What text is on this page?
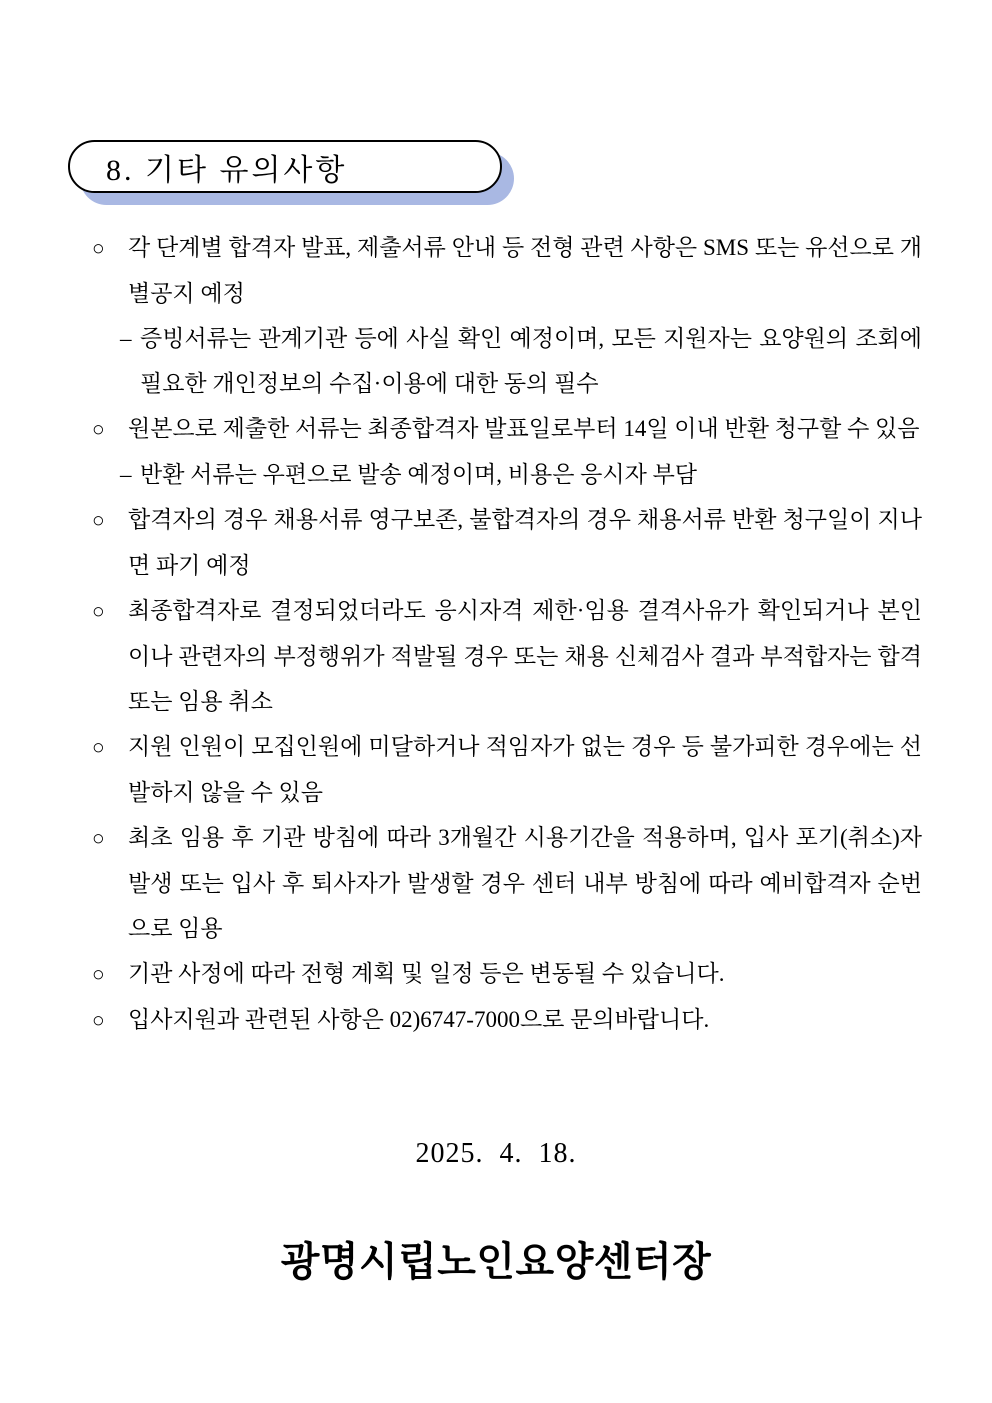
8. 기타 유의사항
○ 각 단계별 합격자 발표, 제출서류 안내 등 전형 관련 사항은 SMS 또는 유선으로 개별공지 예정
– 증빙서류는 관계기관 등에 사실 확인 예정이며, 모든 지원자는 요양원의 조회에 필요한 개인정보의 수집·이용에 대한 동의 필수
○ 원본으로 제출한 서류는 최종합격자 발표일로부터 14일 이내 반환 청구할 수 있음
– 반환 서류는 우편으로 발송 예정이며, 비용은 응시자 부담
○ 합격자의 경우 채용서류 영구보존, 불합격자의 경우 채용서류 반환 청구일이 지나면 파기 예정
○ 최종합격자로 결정되었더라도 응시자격 제한·임용 결격사유가 확인되거나 본인이나 관련자의 부정행위가 적발될 경우 또는 채용 신체검사 결과 부적합자는 합격 또는 임용 취소
○ 지원 인원이 모집인원에 미달하거나 적임자가 없는 경우 등 불가피한 경우에는 선발하지 않을 수 있음
○ 최초 임용 후 기관 방침에 따라 3개월간 시용기간을 적용하며, 입사 포기(취소)자 발생 또는 입사 후 퇴사자가 발생할 경우 센터 내부 방침에 따라 예비합격자 순번으로 임용
○ 기관 사정에 따라 전형 계획 및 일정 등은 변동될 수 있습니다.
○ 입사지원과 관련된 사항은 02)6747-7000으로 문의바랍니다.
2025.  4.  18.
광명시립노인요양센터장
